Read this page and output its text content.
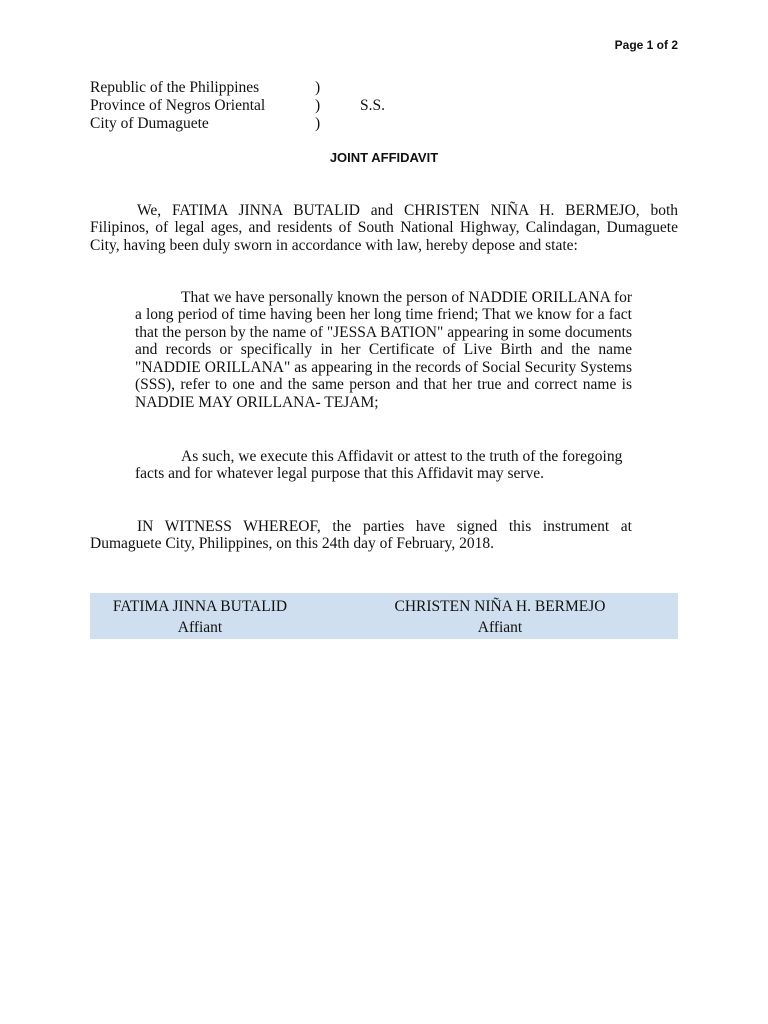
Page 1 of 2
Republic of the Philippines	)
Province of Negros Oriental	)	S.S.
City of Dumaguete	)
JOINT AFFIDAVIT

We, FATIMA JINNA BUTALID and CHRISTEN NIÑA H. BERMEJO, both Filipinos, of legal ages, and residents of South National Highway, Calindagan, Dumaguete City, having been duly sworn in accordance with law, hereby depose and state:

That we have personally known the person of NADDIE ORILLANA for a long period of time having been her long time friend; That we know for a fact that the person by the name of "JESSA BATION" appearing in some documents and records or specifically in her Certificate of Live Birth and the name "NADDIE ORILLANA" as appearing in the records of Social Security Systems (SSS), refer to one and the same person and that her true and correct name is NADDIE MAY ORILLANA- TEJAM;

As such, we execute this Affidavit or attest to the truth of the foregoing facts and for whatever legal purpose that this Affidavit may serve.

IN WITNESS WHEREOF, the parties have signed this instrument at Dumaguete City, Philippines, on this 24th day of February, 2018.

FATIMA JINNA BUTALID
Affiant
CHRISTEN NIÑA H. BERMEJO
Affiant
